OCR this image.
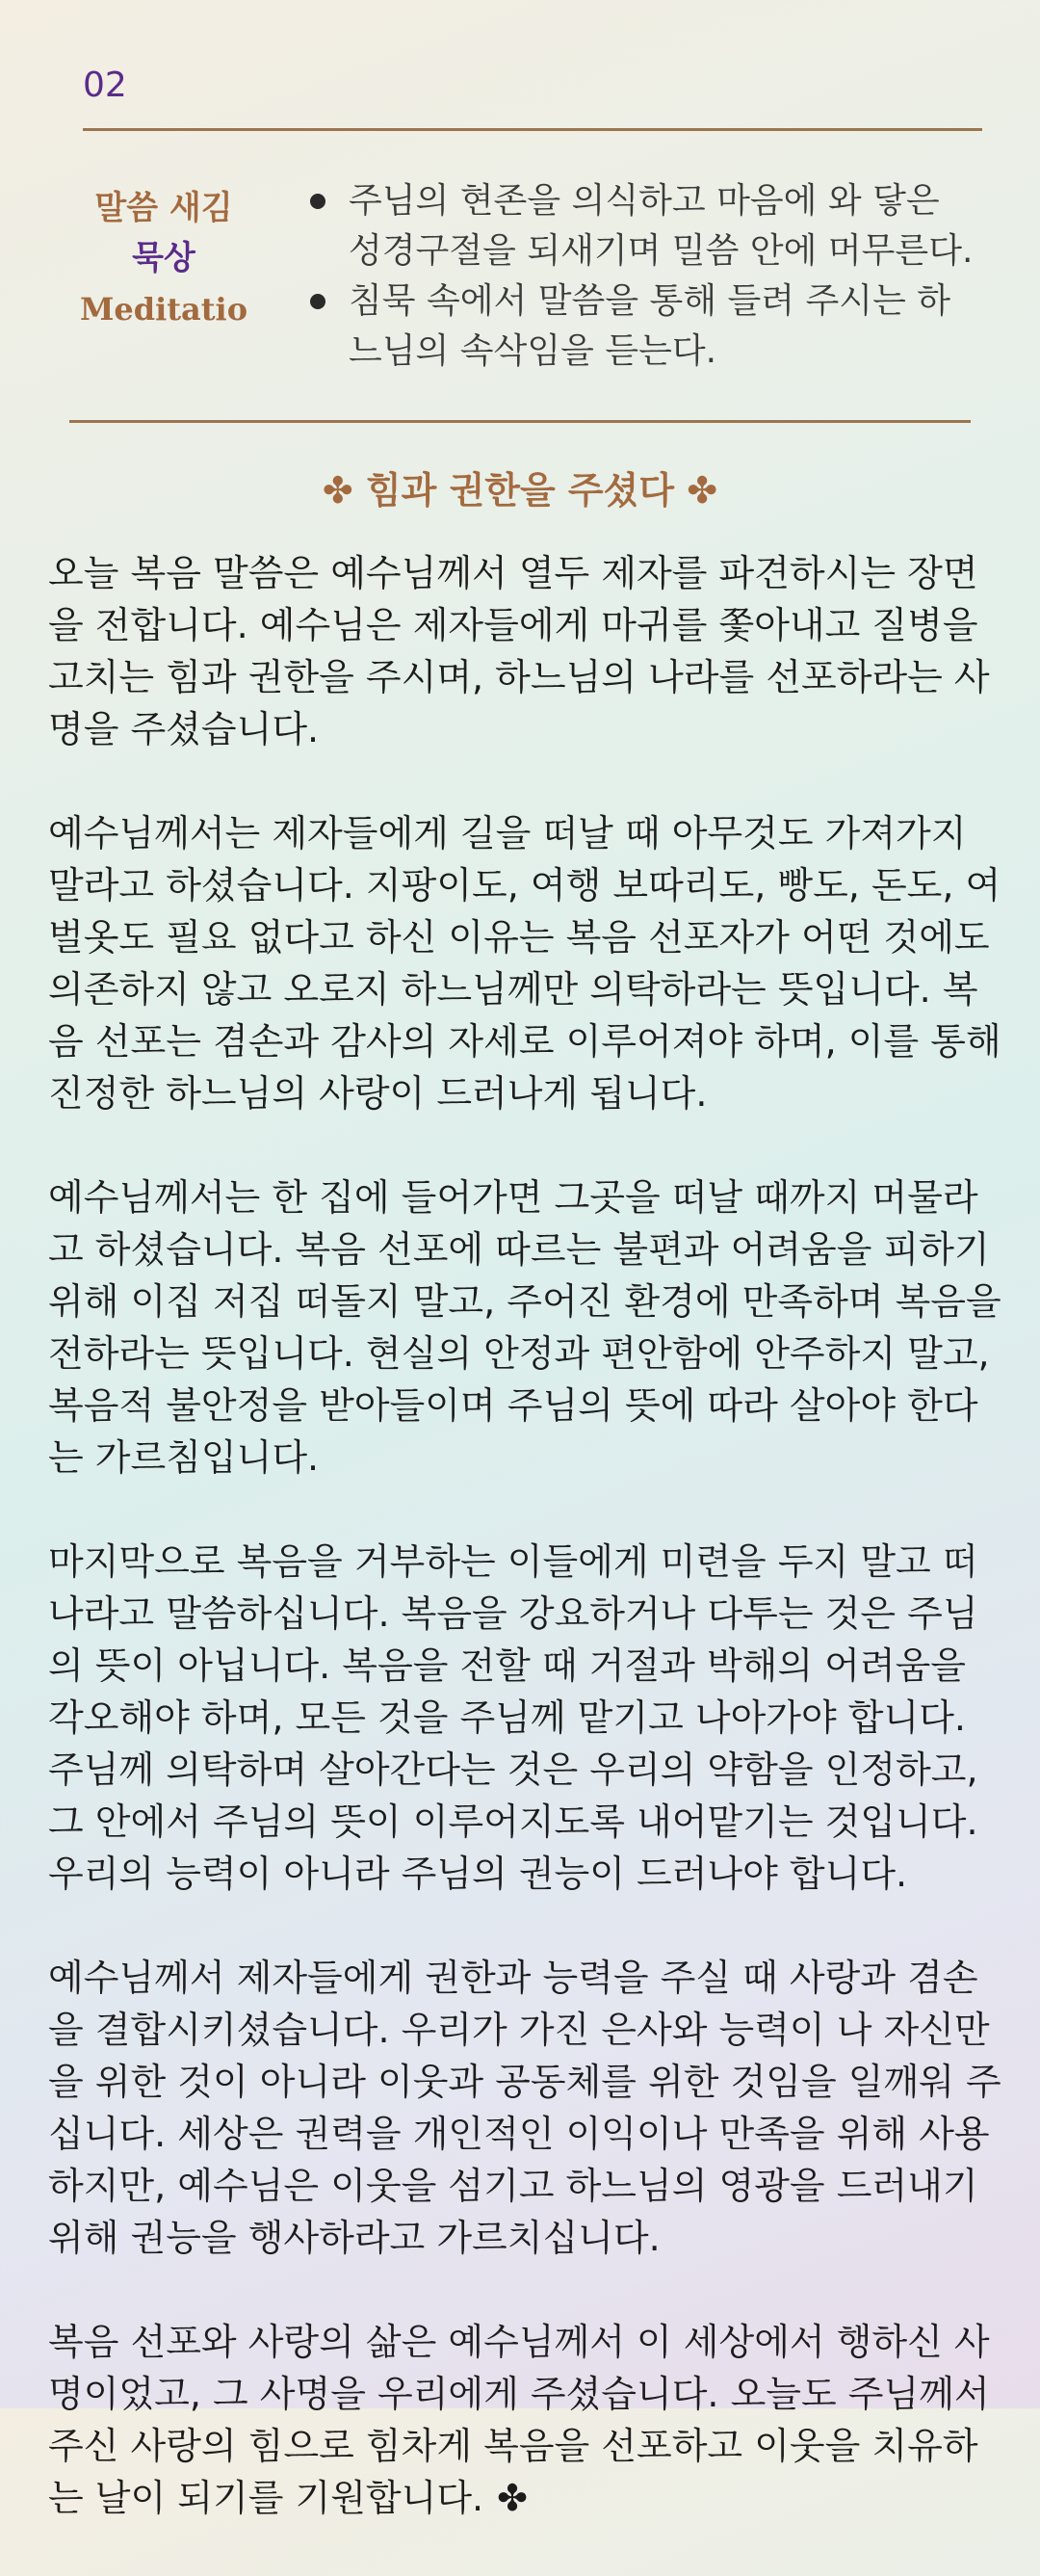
02
말씀 새김
묵상
Meditatio
주님의 현존을 의식하고 마음에 와 닿은 성경구절을 되새기며 밀씀 안에 머무른다.
침묵 속에서 말씀을 통해 들려 주시는 하느님의 속삭임을 듣는다.
✤ 힘과 권한을 주셨다 ✤

오늘 복음 말씀은 예수님께서 열두 제자를 파견하시는 장면을 전합니다. 예수님은 제자들에게 마귀를 쫓아내고 질병을 고치는 힘과 권한을 주시며, 하느님의 나라를 선포하라는 사명을 주셨습니다.

예수님께서는 제자들에게 길을 떠날 때 아무것도 가져가지 말라고 하셨습니다. 지팡이도, 여행 보따리도, 빵도, 돈도, 여벌옷도 필요 없다고 하신 이유는 복음 선포자가 어떤 것에도 의존하지 않고 오로지 하느님께만 의탁하라는 뜻입니다. 복음 선포는 겸손과 감사의 자세로 이루어져야 하며, 이를 통해 진정한 하느님의 사랑이 드러나게 됩니다.

예수님께서는 한 집에 들어가면 그곳을 떠날 때까지 머물라고 하셨습니다. 복음 선포에 따르는 불편과 어려움을 피하기 위해 이집 저집 떠돌지 말고, 주어진 환경에 만족하며 복음을 전하라는 뜻입니다. 현실의 안정과 편안함에 안주하지 말고, 복음적 불안정을 받아들이며 주님의 뜻에 따라 살아야 한다는 가르침입니다.

마지막으로 복음을 거부하는 이들에게 미련을 두지 말고 떠나라고 말씀하십니다. 복음을 강요하거나 다투는 것은 주님의 뜻이 아닙니다. 복음을 전할 때 거절과 박해의 어려움을 각오해야 하며, 모든 것을 주님께 맡기고 나아가야 합니다. 주님께 의탁하며 살아간다는 것은 우리의 약함을 인정하고, 그 안에서 주님의 뜻이 이루어지도록 내어맡기는 것입니다. 우리의 능력이 아니라 주님의 권능이 드러나야 합니다.

예수님께서 제자들에게 권한과 능력을 주실 때 사랑과 겸손을 결합시키셨습니다. 우리가 가진 은사와 능력이 나 자신만을 위한 것이 아니라 이웃과 공동체를 위한 것임을 일깨워 주십니다. 세상은 권력을 개인적인 이익이나 만족을 위해 사용하지만, 예수님은 이웃을 섬기고 하느님의 영광을 드러내기 위해 권능을 행사하라고 가르치십니다.

복음 선포와 사랑의 삶은 예수님께서 이 세상에서 행하신 사명이었고, 그 사명을 우리에게 주셨습니다. 오늘도 주님께서 주신 사랑의 힘으로 힘차게 복음을 선포하고 이웃을 치유하는 날이 되기를 기원합니다. ✤
